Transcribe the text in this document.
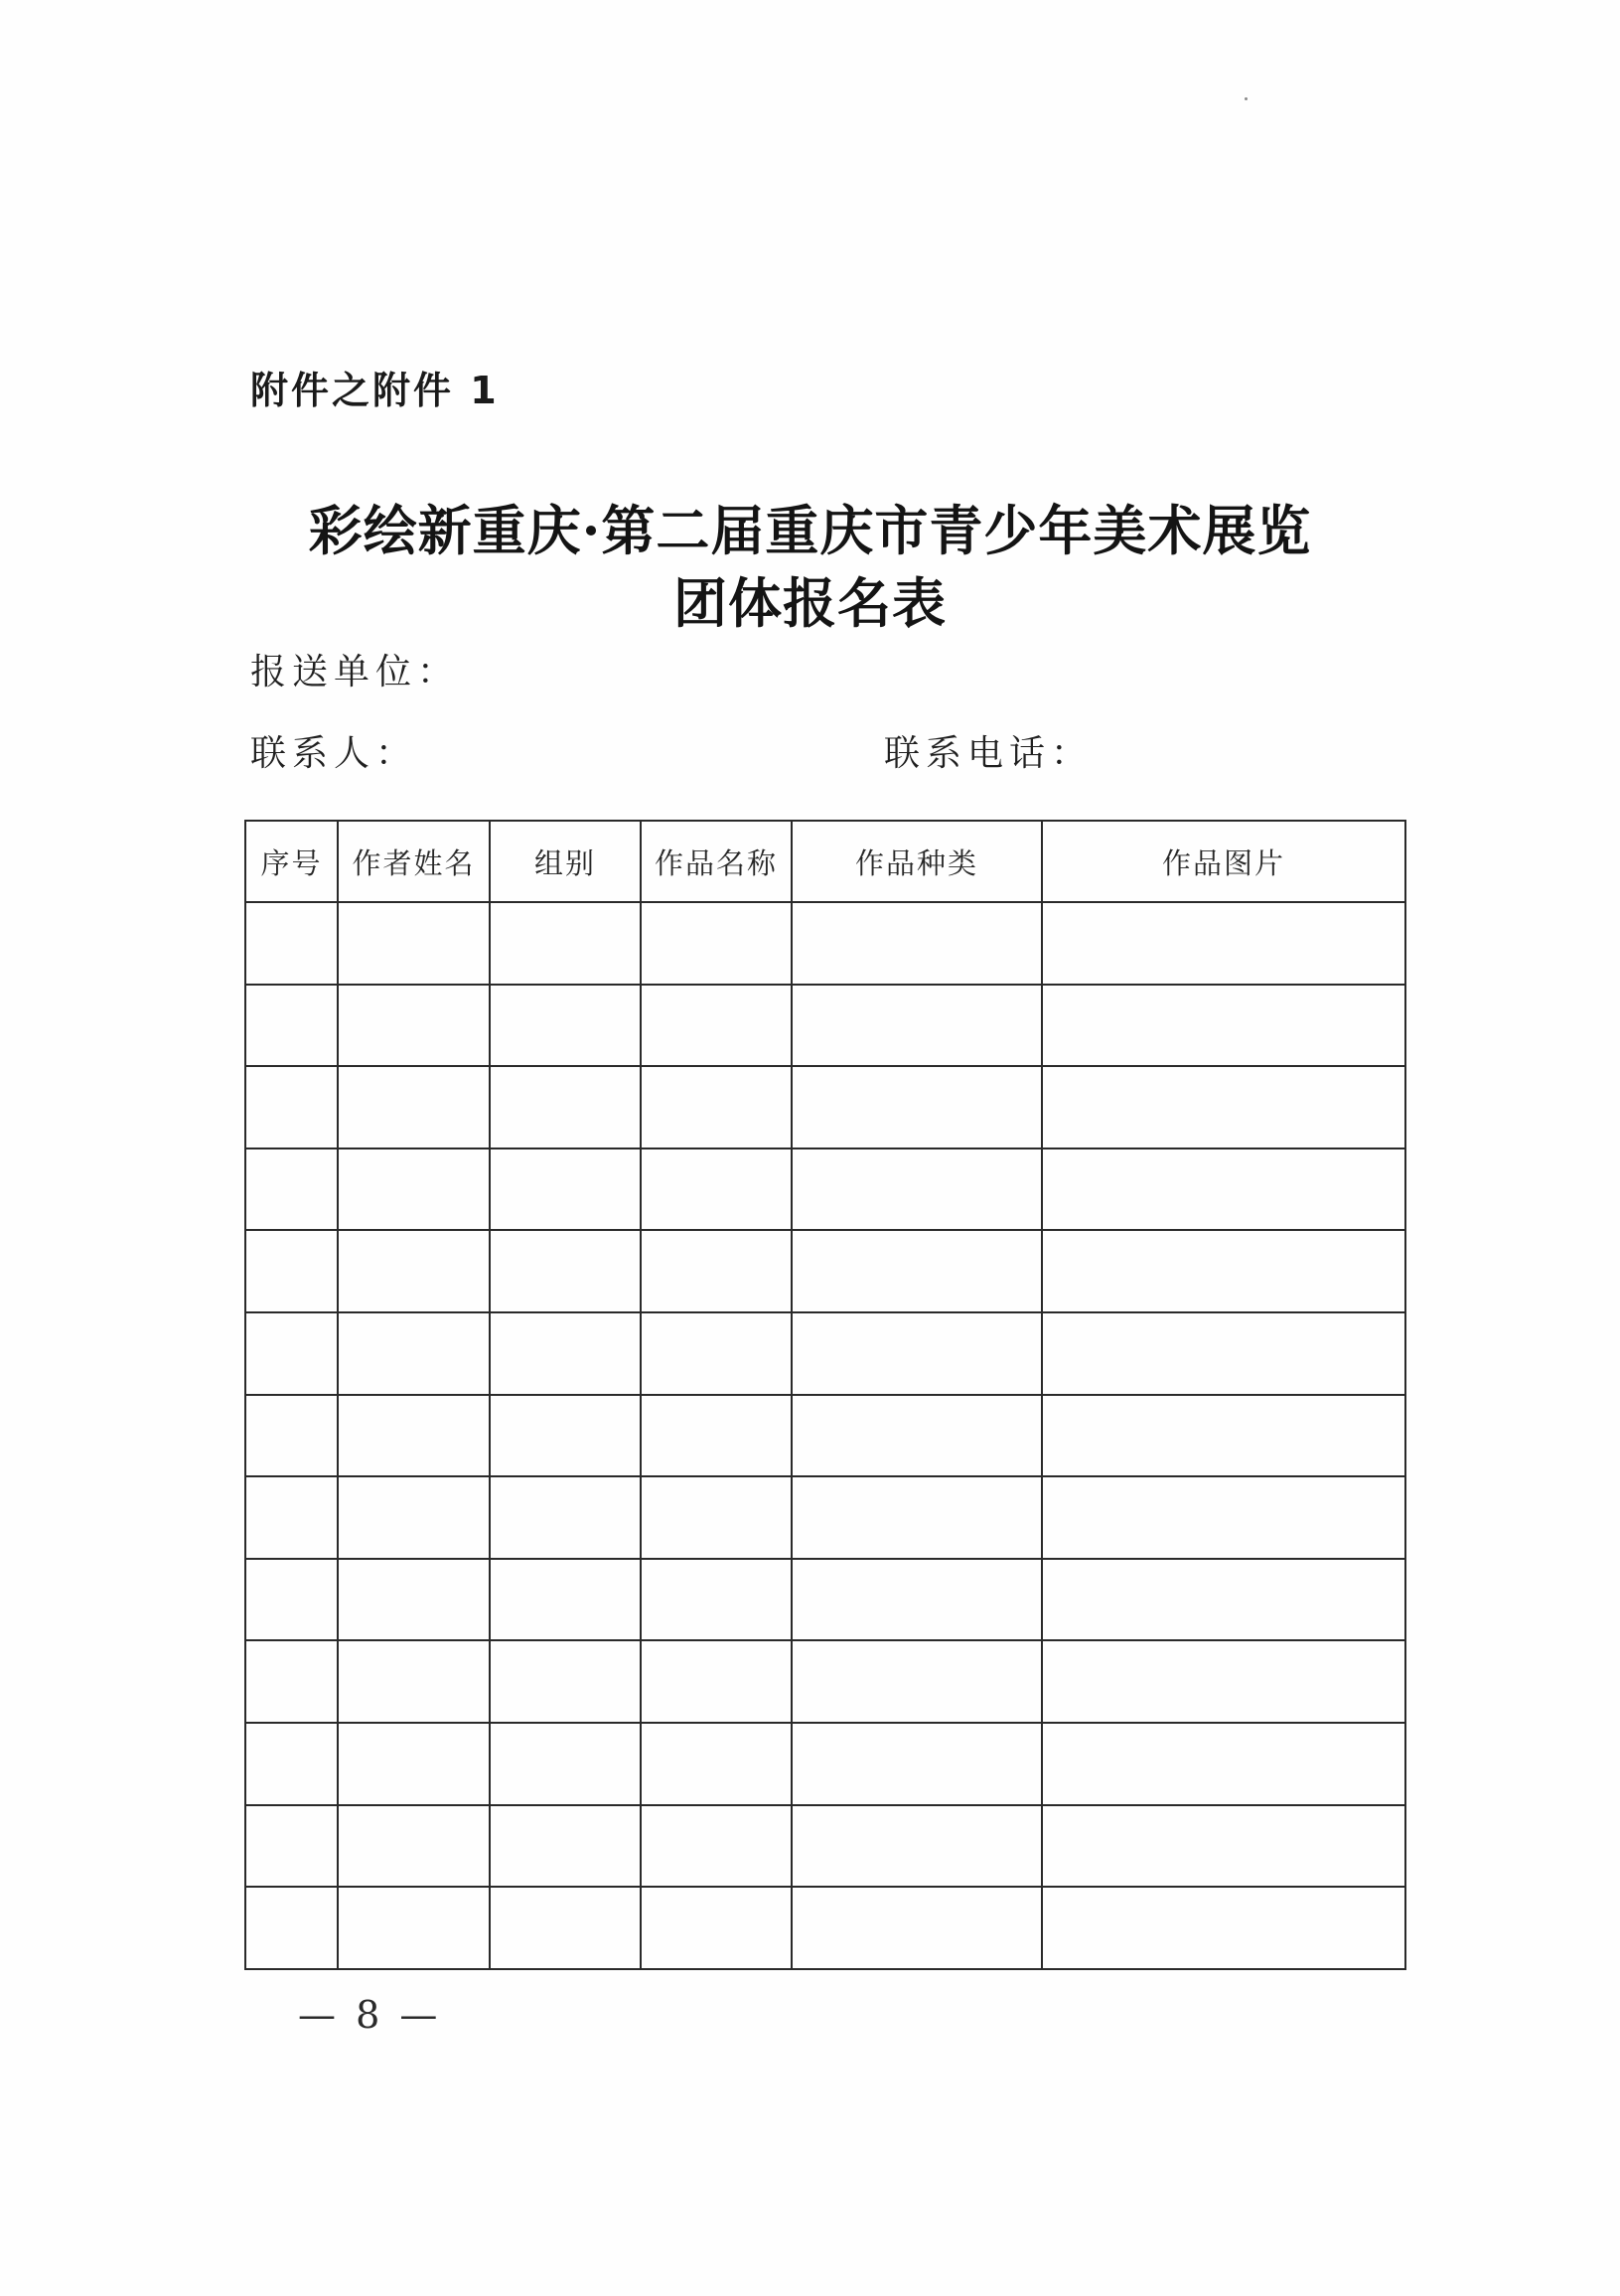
附件之附件 1
彩绘新重庆·第二届重庆市青少年美术展览
团体报名表
报送单位：
联系人：	联系电话：
序号	作者姓名	组别	作品名称	作品种类	作品图片

— 8 —
